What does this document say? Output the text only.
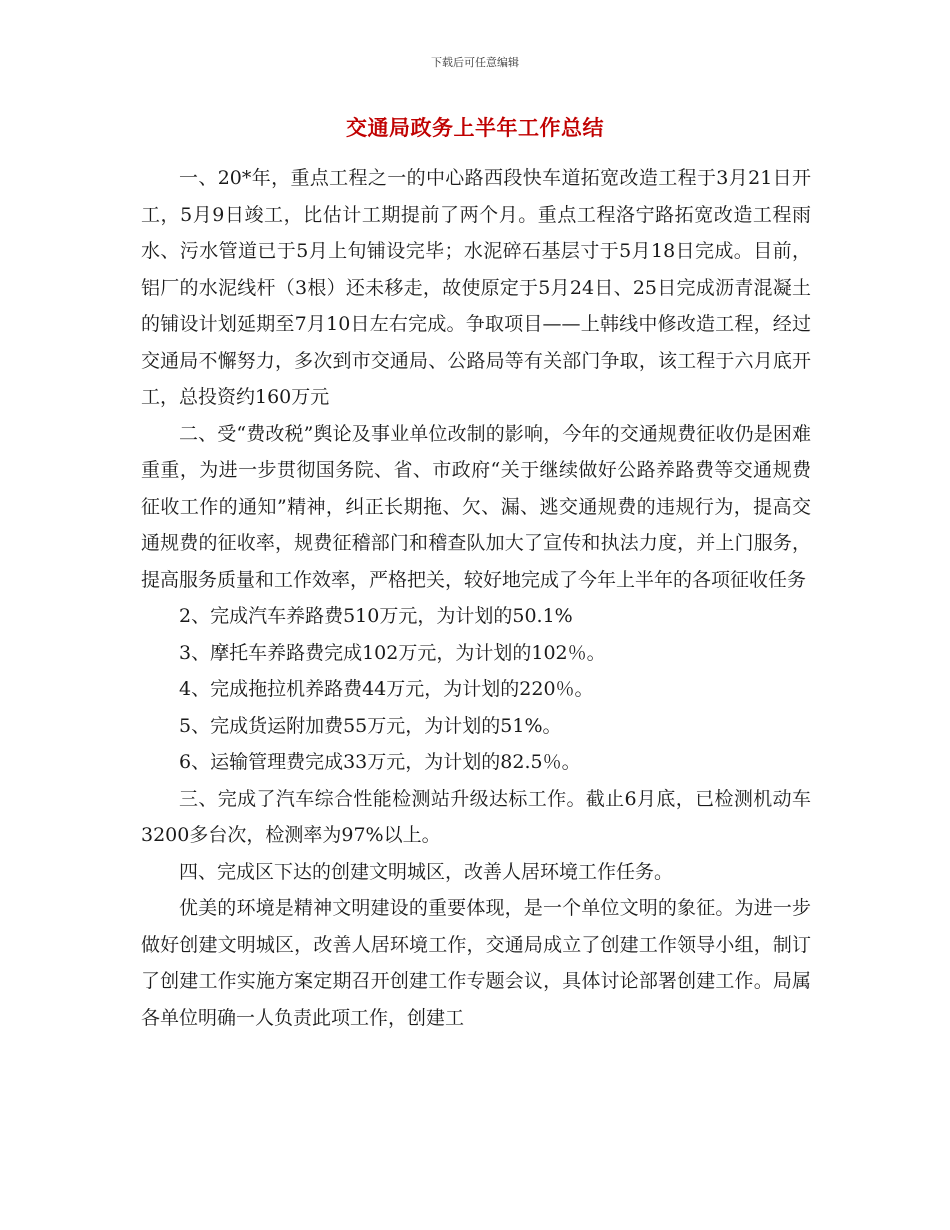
下载后可任意编辑
交通局政务上半年工作总结

一、20*年，重点工程之一的中心路西段快车道拓宽改造工程于3月21日开工，5月9日竣工，比估计工期提前了两个月。重点工程洛宁路拓宽改造工程雨水、污水管道已于5月上旬铺设完毕；水泥碎石基层寸于5月18日完成。目前，铝厂的水泥线杆（3根）还未移走，故使原定于5月24日、25日完成沥青混凝土的铺设计划延期至7月10日左右完成。争取项目——上韩线中修改造工程，经过交通局不懈努力，多次到市交通局、公路局等有关部门争取，该工程于六月底开工，总投资约160万元

二、受“费改税”舆论及事业单位改制的影响，今年的交通规费征收仍是困难重重，为进一步贯彻国务院、省、市政府“关于继续做好公路养路费等交通规费征收工作的通知”精神，纠正长期拖、欠、漏、逃交通规费的违规行为，提高交通规费的征收率，规费征稽部门和稽查队加大了宣传和执法力度，并上门服务，提高服务质量和工作效率，严格把关，较好地完成了今年上半年的各项征收任务

2、完成汽车养路费510万元，为计划的50.1%

3、摩托车养路费完成102万元，为计划的102％。

4、完成拖拉机养路费44万元，为计划的220％。

5、完成货运附加费55万元，为计划的51%。

6、运输管理费完成33万元，为计划的82.5％。

三、完成了汽车综合性能检测站升级达标工作。截止6月底，已检测机动车3200多台次，检测率为97%以上。

四、完成区下达的创建文明城区，改善人居环境工作任务。

优美的环境是精神文明建设的重要体现，是一个单位文明的象征。为进一步做好创建文明城区，改善人居环境工作，交通局成立了创建工作领导小组，制订了创建工作实施方案定期召开创建工作专题会议，具体讨论部署创建工作。局属各单位明确一人负责此项工作，创建工
